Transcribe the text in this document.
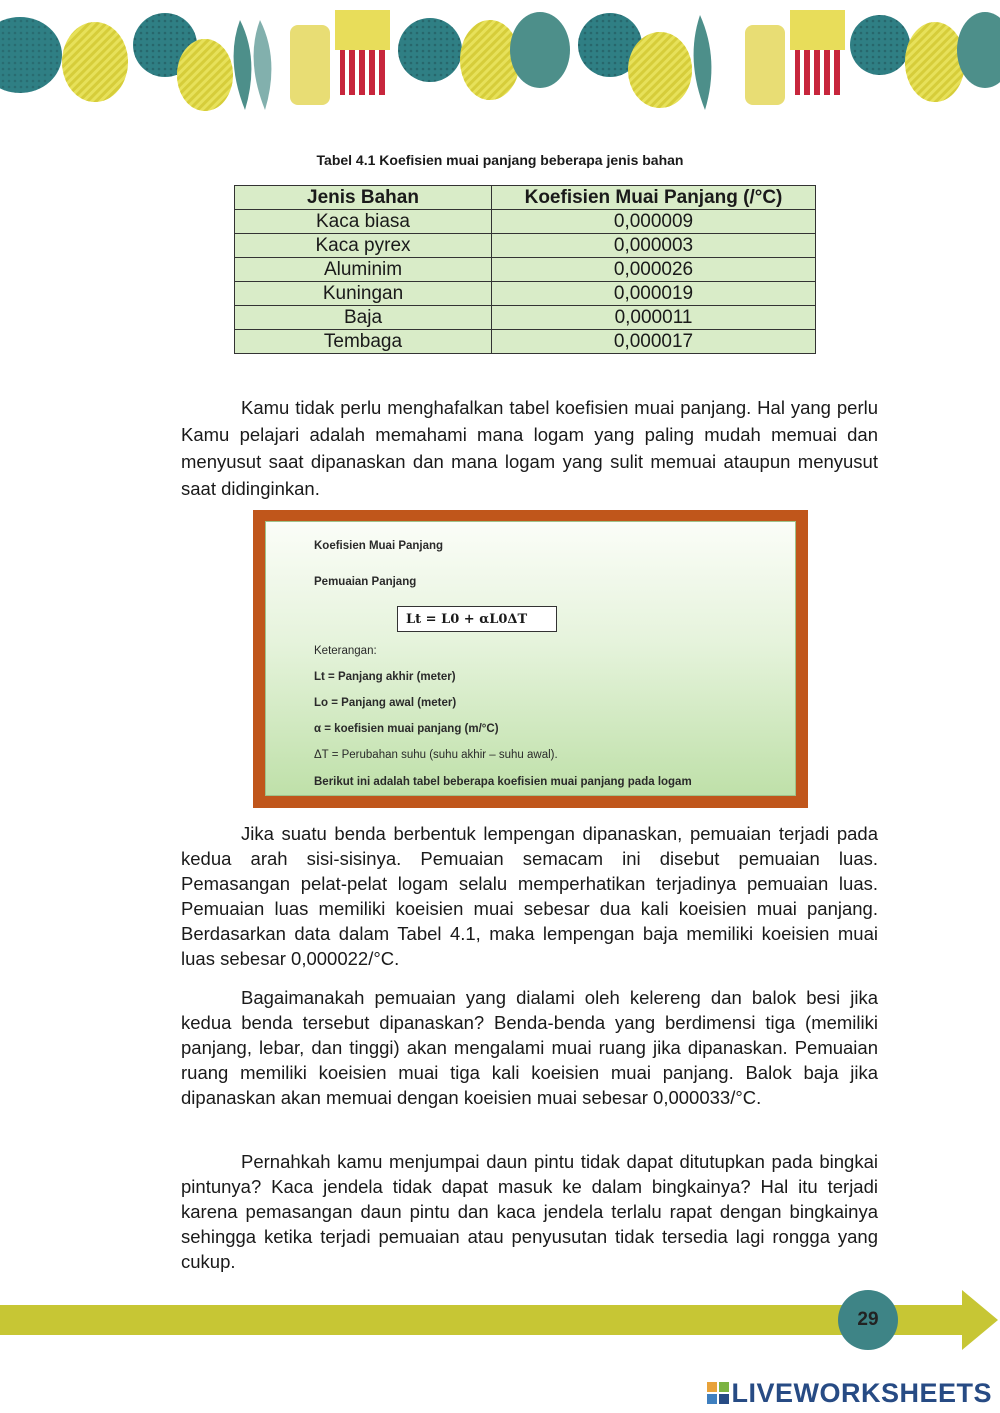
Tabel 4.1 Koefisien muai panjang beberapa jenis bahan
Jenis Bahan	Koefisien Muai Panjang (/°C)
Kaca biasa	0,000009
Kaca pyrex	0,000003
Aluminim	0,000026
Kuningan	0,000019
Baja	0,000011
Tembaga	0,000017

Kamu tidak perlu menghafalkan tabel koefisien muai panjang. Hal yang perlu Kamu pelajari adalah memahami mana logam yang paling mudah memuai dan menyusut saat dipanaskan dan mana logam yang sulit memuai ataupun menyusut saat didinginkan.

Koefisien Muai Panjang
Pemuaian Panjang
Lt = L0 + αL0ΔT
Keterangan:
Lt = Panjang akhir (meter)
Lo = Panjang awal (meter)
α = koefisien muai panjang (m/°C)
ΔT = Perubahan suhu (suhu akhir – suhu awal).
Berikut ini adalah tabel beberapa koefisien muai panjang pada logam

Jika suatu benda berbentuk lempengan dipanaskan, pemuaian terjadi pada kedua arah sisi-sisinya. Pemuaian semacam ini disebut pemuaian luas. Pemasangan pelat-pelat logam selalu memperhatikan terjadinya pemuaian luas. Pemuaian luas memiliki koeisien muai sebesar dua kali koeisien muai panjang. Berdasarkan data dalam Tabel 4.1, maka lempengan baja memiliki koeisien muai luas sebesar 0,000022/°C.

Bagaimanakah pemuaian yang dialami oleh kelereng dan balok besi jika kedua benda tersebut dipanaskan? Benda-benda yang berdimensi tiga (memiliki panjang, lebar, dan tinggi) akan mengalami muai ruang jika dipanaskan. Pemuaian ruang memiliki koeisien muai tiga kali koeisien muai panjang. Balok baja jika dipanaskan akan memuai dengan koeisien muai sebesar 0,000033/°C.

Pernahkah kamu menjumpai daun pintu tidak dapat ditutupkan pada bingkai pintunya? Kaca jendela tidak dapat masuk ke dalam bingkainya? Hal itu terjadi karena pemasangan daun pintu dan kaca jendela terlalu rapat dengan bingkainya sehingga ketika terjadi pemuaian atau penyusutan tidak tersedia lagi rongga yang cukup.

29
LIVEWORKSHEETS
